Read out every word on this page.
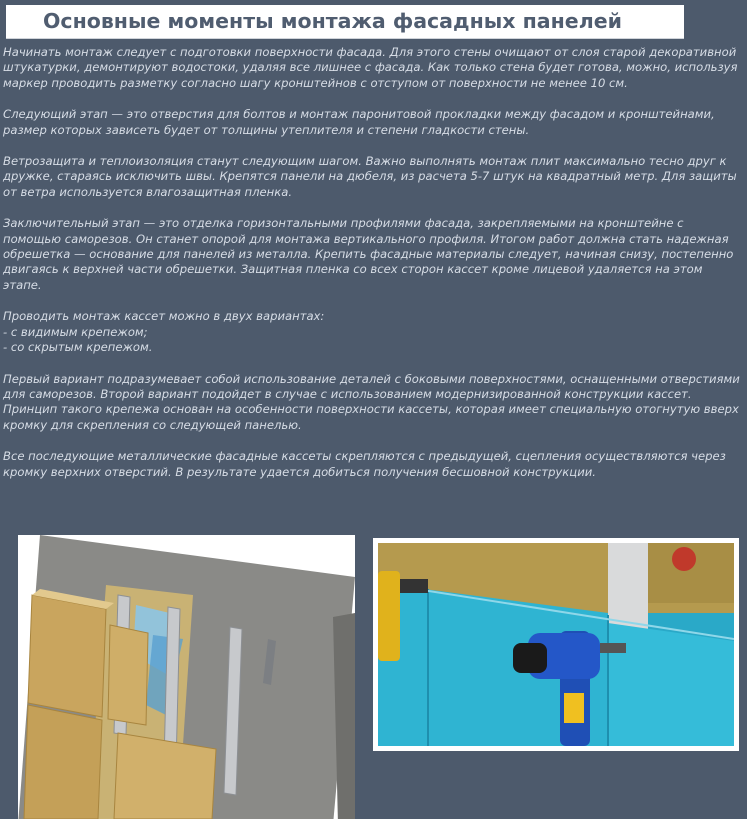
Основные моменты монтажа фасадных панелей

Начинать монтаж следует с подготовки поверхности фасада. Для этого стены очищают от слоя старой декоративной штукатурки, демонтируют водостоки, удаляя все лишнее с фасада. Как только стена будет готова, можно, используя маркер проводить разметку согласно шагу кронштейнов с отступом от поверхности не менее 10 см.

Следующий этап — это отверстия для болтов и монтаж паронитовой прокладки между фасадом и кронштейнами, размер которых зависеть будет от толщины утеплителя и степени гладкости стены.

Ветрозащита и теплоизоляция станут следующим шагом. Важно выполнять монтаж плит максимально тесно друг к дружке, стараясь исключить швы. Крепятся панели на дюбеля, из расчета 5-7 штук на квадратный метр. Для защиты от ветра используется влагозащитная пленка.

Заключительный этап — это отделка горизонтальными профилями фасада, закрепляемыми на кронштейне с помощью саморезов. Он станет опорой для монтажа вертикального профиля. Итогом работ должна стать надежная обрешетка — основание для панелей из металла. Крепить фасадные материалы следует, начиная снизу, постепенно двигаясь к верхней части обрешетки. Защитная пленка со всех сторон кассет кроме лицевой удаляется на этом этапе.

Проводить монтаж кассет можно в двух вариантах:
- с видимым крепежом;
- со скрытым крепежом.

Первый вариант подразумевает собой использование деталей с боковыми поверхностями, оснащенными отверстиями для саморезов. Второй вариант подойдет в случае с использованием модернизированной конструкции кассет. Принцип такого крепежа основан на особенности поверхности кассеты, которая имеет специальную отогнутую вверх кромку для скрепления со следующей панелью.

Все последующие металлические фасадные кассеты скрепляются с предыдущей, сцепления осуществляются через кромку верхних отверстий. В результате удается добиться получения бесшовной конструкции.
